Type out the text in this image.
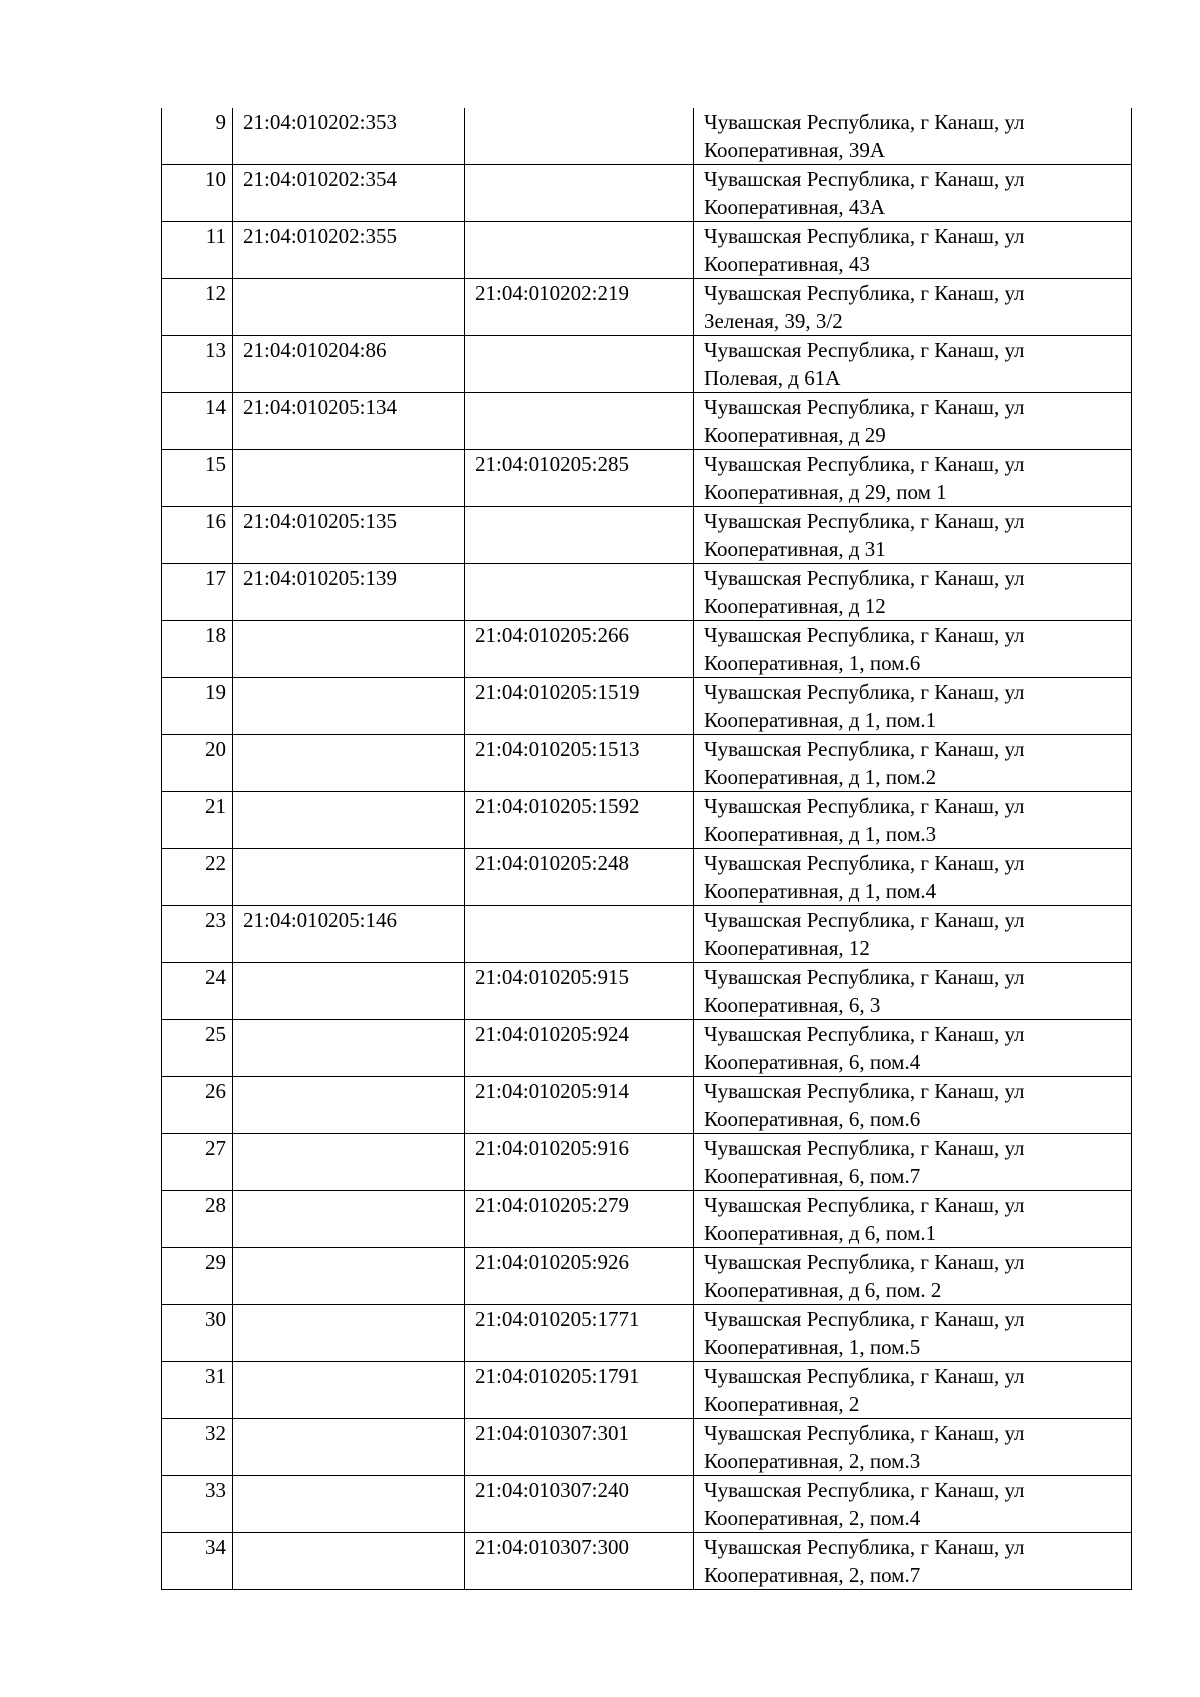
9	21:04:010202:353		Чувашская Республика, г Канаш, ул
Кооперативная, 39А

10	21:04:010202:354		Чувашская Республика, г Канаш, ул
Кооперативная, 43А

11	21:04:010202:355		Чувашская Республика, г Канаш, ул
Кооперативная, 43

12		21:04:010202:219	Чувашская Республика, г Канаш, ул
Зеленая, 39, 3/2

13	21:04:010204:86		Чувашская Республика, г Канаш, ул
Полевая, д 61А

14	21:04:010205:134		Чувашская Республика, г Канаш, ул
Кооперативная, д 29

15		21:04:010205:285	Чувашская Республика, г Канаш, ул
Кооперативная, д 29, пом 1

16	21:04:010205:135		Чувашская Республика, г Канаш, ул
Кооперативная, д 31

17	21:04:010205:139		Чувашская Республика, г Канаш, ул
Кооперативная, д 12

18		21:04:010205:266	Чувашская Республика, г Канаш, ул
Кооперативная, 1, пом.6

19		21:04:010205:1519	Чувашская Республика, г Канаш, ул
Кооперативная, д 1, пом.1

20		21:04:010205:1513	Чувашская Республика, г Канаш, ул
Кооперативная, д 1, пом.2

21		21:04:010205:1592	Чувашская Республика, г Канаш, ул
Кооперативная, д 1, пом.3

22		21:04:010205:248	Чувашская Республика, г Канаш, ул
Кооперативная, д 1, пом.4

23	21:04:010205:146		Чувашская Республика, г Канаш, ул
Кооперативная, 12

24		21:04:010205:915	Чувашская Республика, г Канаш, ул
Кооперативная, 6, 3

25		21:04:010205:924	Чувашская Республика, г Канаш, ул
Кооперативная, 6, пом.4

26		21:04:010205:914	Чувашская Республика, г Канаш, ул
Кооперативная, 6, пом.6

27		21:04:010205:916	Чувашская Республика, г Канаш, ул
Кооперативная, 6, пом.7

28		21:04:010205:279	Чувашская Республика, г Канаш, ул
Кооперативная, д 6, пом.1

29		21:04:010205:926	Чувашская Республика, г Канаш, ул
Кооперативная, д 6, пом. 2

30		21:04:010205:1771	Чувашская Республика, г Канаш, ул
Кооперативная, 1, пом.5

31		21:04:010205:1791	Чувашская Республика, г Канаш, ул
Кооперативная, 2

32		21:04:010307:301	Чувашская Республика, г Канаш, ул
Кооперативная, 2, пом.3

33		21:04:010307:240	Чувашская Республика, г Канаш, ул
Кооперативная, 2, пом.4

34		21:04:010307:300	Чувашская Республика, г Канаш, ул
Кооперативная, 2, пом.7
